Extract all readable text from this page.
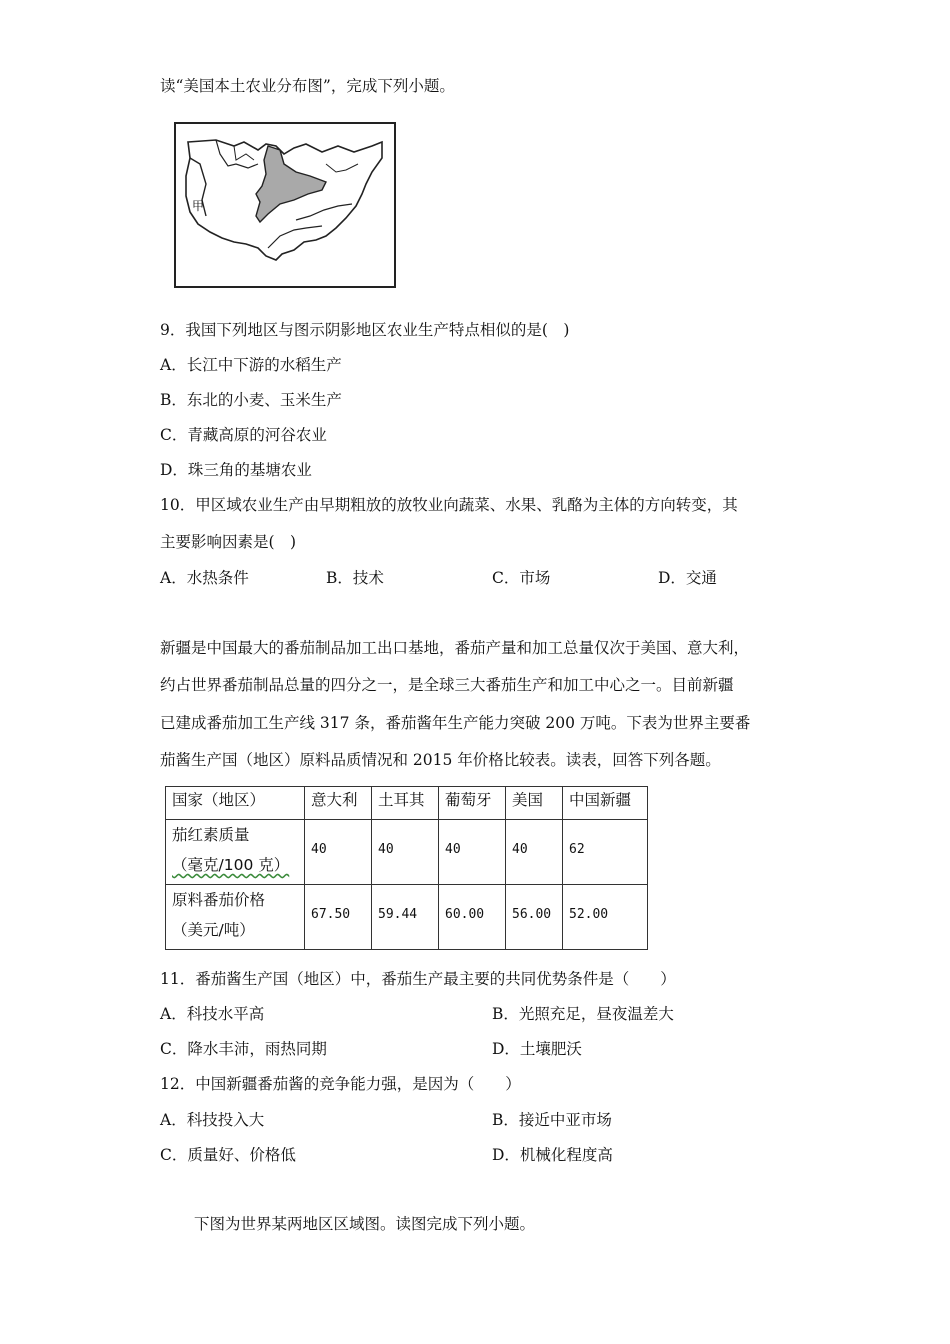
读“美国本土农业分布图”，完成下列小题。
甲
9．我国下列地区与图示阴影地区农业生产特点相似的是(　)
A．长江中下游的水稻生产
B．东北的小麦、玉米生产
C．青藏高原的河谷农业
D．珠三角的基塘农业
10．甲区域农业生产由早期粗放的放牧业向蔬菜、水果、乳酪为主体的方向转变，其
主要影响因素是(　)
A．水热条件	B．技术	C．市场	D．交通
新疆是中国最大的番茄制品加工出口基地，番茄产量和加工总量仅次于美国、意大利，
约占世界番茄制品总量的四分之一，是全球三大番茄生产和加工中心之一。目前新疆
已建成番茄加工生产线 317 条，番茄酱年生产能力突破 200 万吨。下表为世界主要番
茄酱生产国（地区）原料品质情况和 2015 年价格比较表。读表，回答下列各题。
国家（地区）	意大利	土耳其	葡萄牙	美国	中国新疆

茄红素质量
（毫克/100 克）	40	40	40	40	62

原料番茄价格
（美元/吨）	67.50	59.44	60.00	56.00	52.00
11．番茄酱生产国（地区）中，番茄生产最主要的共同优势条件是（　　）
A．科技水平高	B．光照充足，昼夜温差大
C．降水丰沛，雨热同期	D．土壤肥沃
12．中国新疆番茄酱的竞争能力强，是因为（　　）
A．科技投入大	B．接近中亚市场
C．质量好、价格低	D．机械化程度高
下图为世界某两地区区域图。读图完成下列小题。
